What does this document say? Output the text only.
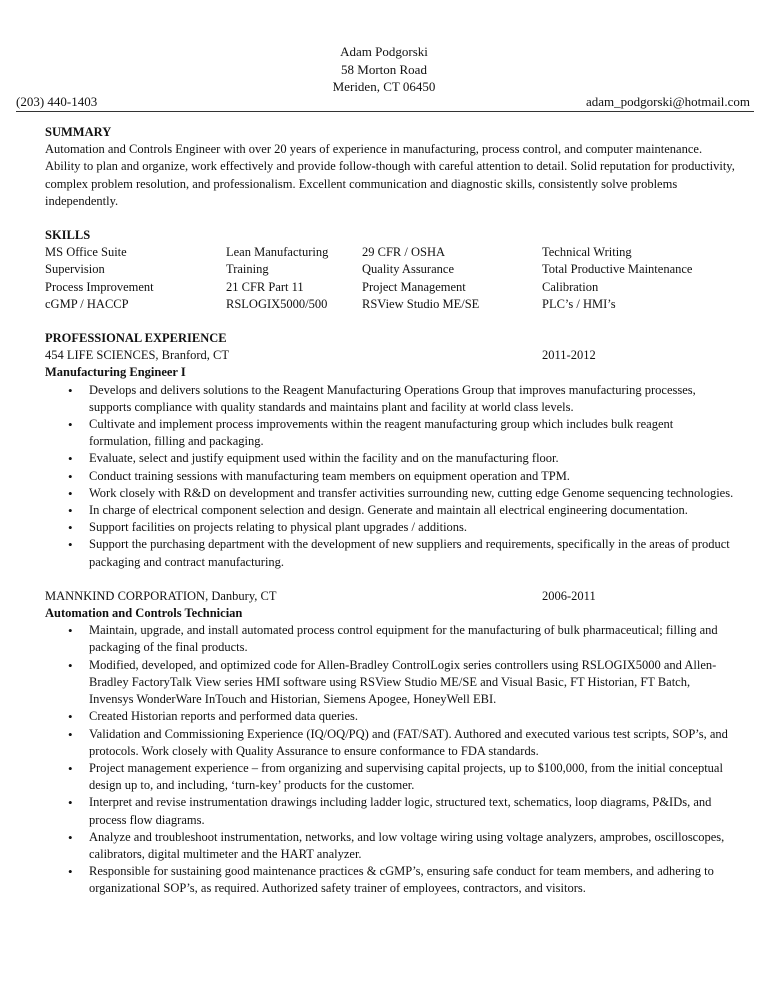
Adam Podgorski
58 Morton Road
Meriden, CT 06450
(203) 440-1403	adam_podgorski@hotmail.com
SUMMARY

Automation and Controls Engineer with over 20 years of experience in manufacturing, process control, and computer maintenance. Ability to plan and organize, work effectively and provide follow-though with careful attention to detail. Solid reputation for productivity, complex problem resolution, and professionalism. Excellent communication and diagnostic skills, consistently solve problems independently.

SKILLS
MS Office Suite	Lean Manufacturing	29 CFR / OSHA	Technical Writing
Supervision	Training	Quality Assurance	Total Productive Maintenance
Process Improvement	21 CFR Part 11	Project Management	Calibration
cGMP / HACCP	RSLOGIX5000/500	RSView Studio ME/SE	PLC’s / HMI’s
PROFESSIONAL EXPERIENCE
454 LIFE SCIENCES, Branford, CT	2011-2012
Manufacturing Engineer I
• Develops and delivers solutions to the Reagent Manufacturing Operations Group that improves manufacturing processes, supports compliance with quality standards and maintains plant and facility at world class levels.
• Cultivate and implement process improvements within the reagent manufacturing group which includes bulk reagent formulation, filling and packaging.
• Evaluate, select and justify equipment used within the facility and on the manufacturing floor.
• Conduct training sessions with manufacturing team members on equipment operation and TPM.
• Work closely with R&D on development and transfer activities surrounding new, cutting edge Genome sequencing technologies.
• In charge of electrical component selection and design. Generate and maintain all electrical engineering documentation.
• Support facilities on projects relating to physical plant upgrades / additions.
• Support the purchasing department with the development of new suppliers and requirements, specifically in the areas of product packaging and contract manufacturing.
MANNKIND CORPORATION, Danbury, CT	2006-2011
Automation and Controls Technician
• Maintain, upgrade, and install automated process control equipment for the manufacturing of bulk pharmaceutical; filling and packaging of the final products.
• Modified, developed, and optimized code for Allen-Bradley ControlLogix series controllers using RSLOGIX5000 and Allen-Bradley FactoryTalk View series HMI software using RSView Studio ME/SE and Visual Basic, FT Historian, FT Batch, Invensys WonderWare InTouch and Historian, Siemens Apogee, HoneyWell EBI.
• Created Historian reports and performed data queries.
• Validation and Commissioning Experience (IQ/OQ/PQ) and (FAT/SAT). Authored and executed various test scripts, SOP’s, and protocols. Work closely with Quality Assurance to ensure conformance to FDA standards.
• Project management experience – from organizing and supervising capital projects, up to $100,000, from the initial conceptual design up to, and including, ‘turn-key’ products for the customer.
• Interpret and revise instrumentation drawings including ladder logic, structured text, schematics, loop diagrams, P&IDs, and process flow diagrams.
• Analyze and troubleshoot instrumentation, networks, and low voltage wiring using voltage analyzers, amprobes, oscilloscopes, calibrators, digital multimeter and the HART analyzer.
• Responsible for sustaining good maintenance practices & cGMP’s, ensuring safe conduct for team members, and adhering to organizational SOP’s, as required. Authorized safety trainer of employees, contractors, and visitors.
